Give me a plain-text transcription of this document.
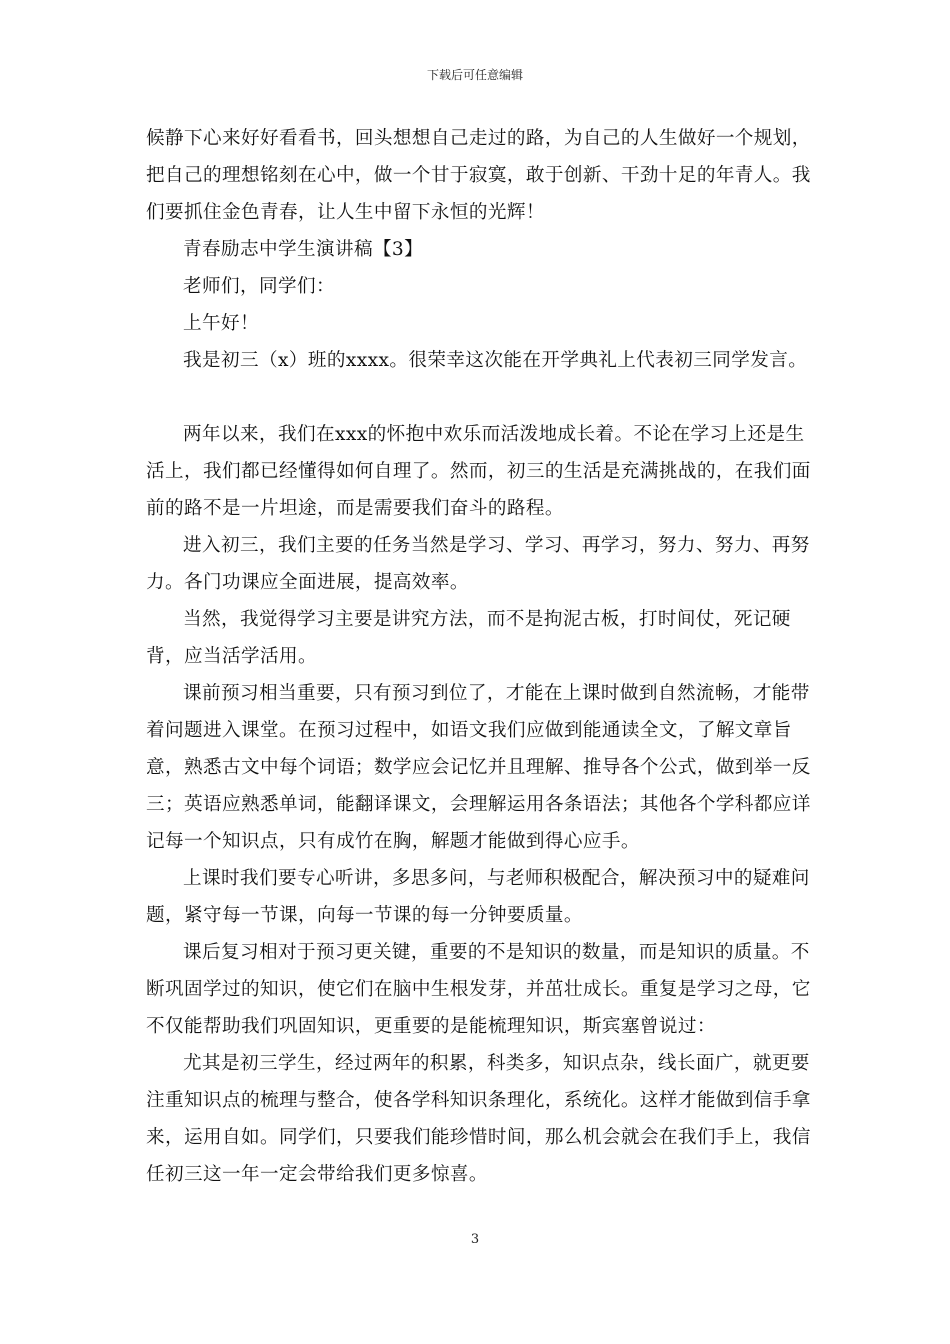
下载后可任意编辑

候静下心来好好看看书，回头想想自己走过的路，为自己的人生做好一个规划，把自己的理想铭刻在心中，做一个甘于寂寞，敢于创新、干劲十足的年青人。我们要抓住金色青春，让人生中留下永恒的光辉！

青春励志中学生演讲稿【3】

老师们，同学们：

上午好！

我是初三（x）班的xxxx。很荣幸这次能在开学典礼上代表初三同学发言。

两年以来，我们在xxx的怀抱中欢乐而活泼地成长着。不论在学习上还是生活上，我们都已经懂得如何自理了。然而，初三的生活是充满挑战的，在我们面前的路不是一片坦途，而是需要我们奋斗的路程。

进入初三，我们主要的任务当然是学习、学习、再学习，努力、努力、再努力。各门功课应全面进展，提高效率。

当然，我觉得学习主要是讲究方法，而不是拘泥古板，打时间仗，死记硬背，应当活学活用。

课前预习相当重要，只有预习到位了，才能在上课时做到自然流畅，才能带着问题进入课堂。在预习过程中，如语文我们应做到能通读全文，了解文章旨意，熟悉古文中每个词语；数学应会记忆并且理解、推导各个公式，做到举一反三；英语应熟悉单词，能翻译课文，会理解运用各条语法；其他各个学科都应详记每一个知识点，只有成竹在胸，解题才能做到得心应手。

上课时我们要专心听讲，多思多问，与老师积极配合，解决预习中的疑难问题，紧守每一节课，向每一节课的每一分钟要质量。

课后复习相对于预习更关键，重要的不是知识的数量，而是知识的质量。不断巩固学过的知识，使它们在脑中生根发芽，并茁壮成长。重复是学习之母，它不仅能帮助我们巩固知识，更重要的是能梳理知识，斯宾塞曾说过：

尤其是初三学生，经过两年的积累，科类多，知识点杂，线长面广，就更要注重知识点的梳理与整合，使各学科知识条理化，系统化。这样才能做到信手拿来，运用自如。同学们，只要我们能珍惜时间，那么机会就会在我们手上，我信任初三这一年一定会带给我们更多惊喜。

3
